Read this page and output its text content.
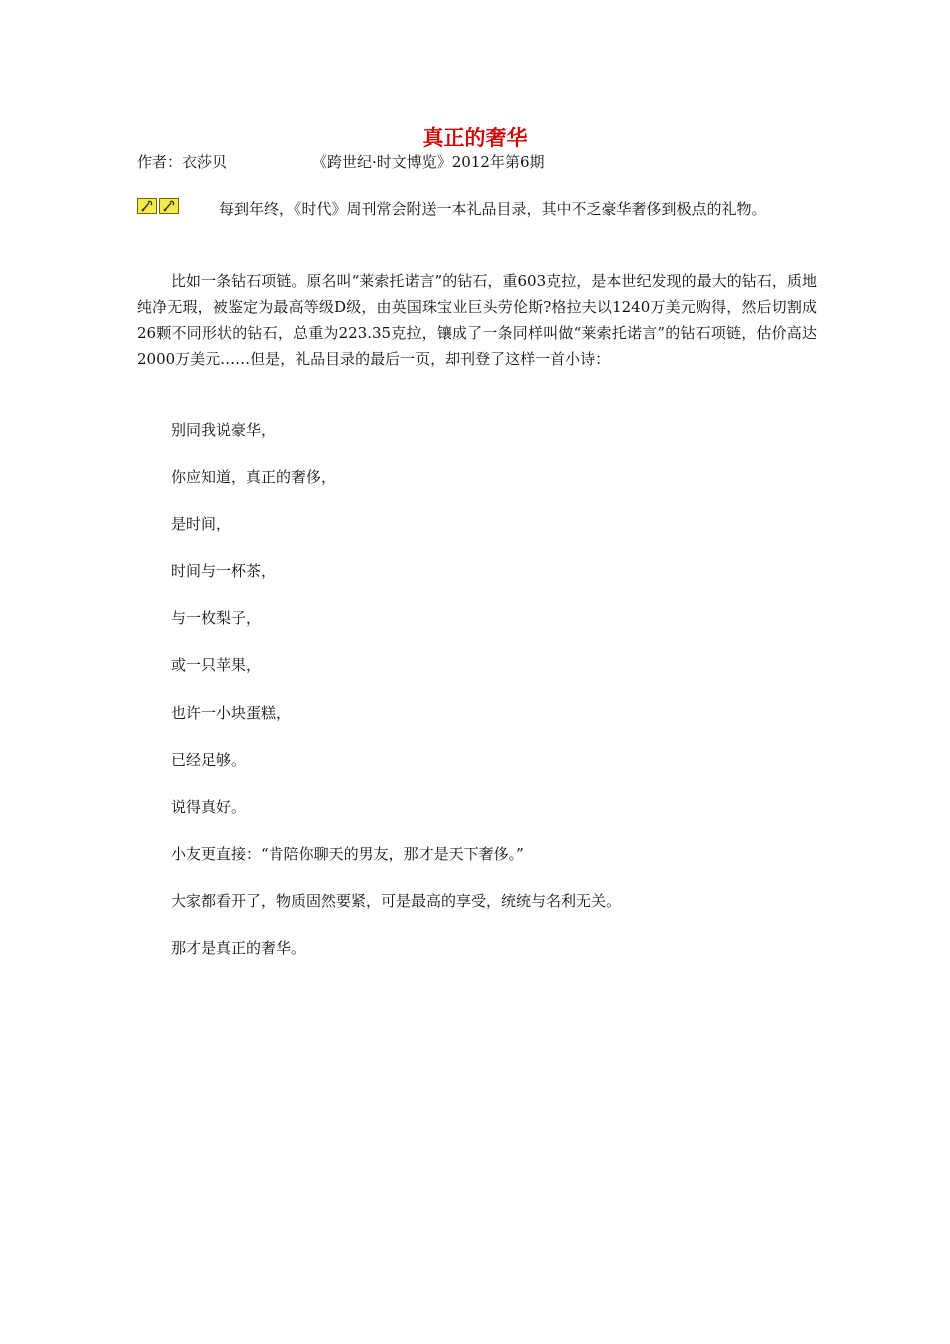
真正的奢华
作者：衣莎贝	《跨世纪·时文博览》2012年第6期

每到年终，《时代》周刊常会附送一本礼品目录，其中不乏豪华奢侈到极点的礼物。

比如一条钻石项链。原名叫“莱索托诺言”的钻石，重603克拉，是本世纪发现的最大的钻石，质地纯净无瑕，被鉴定为最高等级D级，由英国珠宝业巨头劳伦斯?格拉夫以1240万美元购得，然后切割成26颗不同形状的钻石，总重为223.35克拉，镶成了一条同样叫做“莱索托诺言”的钻石项链，估价高达2000万美元……但是，礼品目录的最后一页，却刊登了这样一首小诗：

别同我说豪华，
你应知道，真正的奢侈，
是时间，
时间与一杯茶，
与一枚梨子，
或一只苹果，
也许一小块蛋糕，
已经足够。
说得真好。
小友更直接：“肯陪你聊天的男友，那才是天下奢侈。”
大家都看开了，物质固然要紧，可是最高的享受，统统与名利无关。
那才是真正的奢华。
